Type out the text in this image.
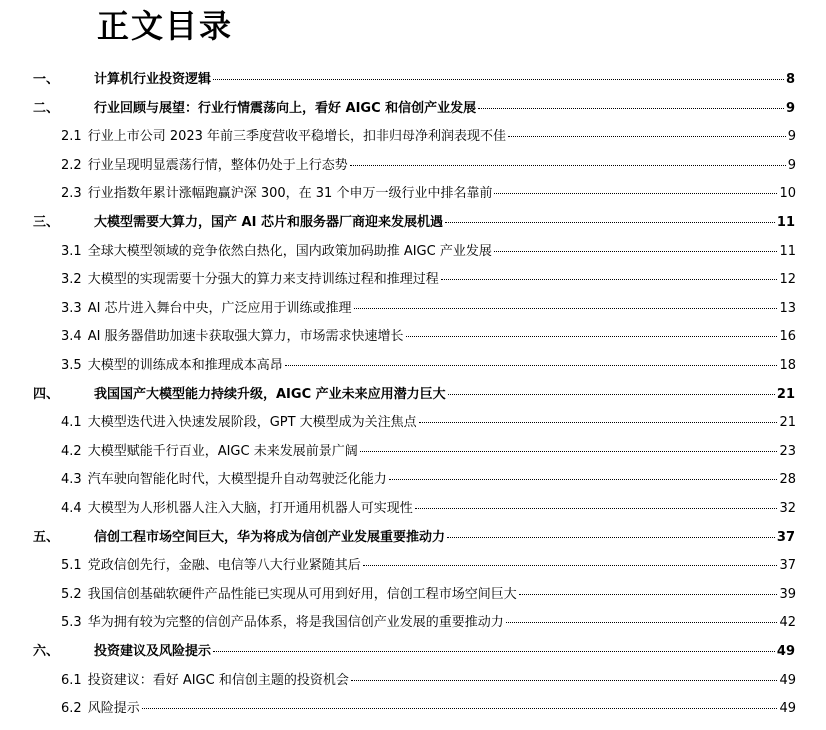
正文目录
一、	计算机行业投资逻辑	8
二、	行业回顾与展望：行业行情震荡向上，看好 AIGC 和信创产业发展	9
2.1 行业上市公司 2023 年前三季度营收平稳增长，扣非归母净利润表现不佳	9
2.2 行业呈现明显震荡行情，整体仍处于上行态势	9
2.3 行业指数年累计涨幅跑赢沪深 300，在 31 个申万一级行业中排名靠前	10
三、	大模型需要大算力，国产 AI 芯片和服务器厂商迎来发展机遇	11
3.1 全球大模型领域的竞争依然白热化，国内政策加码助推 AIGC 产业发展	11
3.2 大模型的实现需要十分强大的算力来支持训练过程和推理过程	12
3.3 AI 芯片进入舞台中央，广泛应用于训练或推理	13
3.4 AI 服务器借助加速卡获取强大算力，市场需求快速增长	16
3.5 大模型的训练成本和推理成本高昂	18
四、	我国国产大模型能力持续升级，AIGC 产业未来应用潜力巨大	21
4.1 大模型迭代进入快速发展阶段，GPT 大模型成为关注焦点	21
4.2 大模型赋能千行百业，AIGC 未来发展前景广阔	23
4.3 汽车驶向智能化时代，大模型提升自动驾驶泛化能力	28
4.4 大模型为人形机器人注入大脑，打开通用机器人可实现性	32
五、	信创工程市场空间巨大，华为将成为信创产业发展重要推动力	37
5.1 党政信创先行，金融、电信等八大行业紧随其后	37
5.2 我国信创基础软硬件产品性能已实现从可用到好用，信创工程市场空间巨大	39
5.3 华为拥有较为完整的信创产品体系，将是我国信创产业发展的重要推动力	42
六、	投资建议及风险提示	49
6.1 投资建议：看好 AIGC 和信创主题的投资机会	49
6.2 风险提示	49
